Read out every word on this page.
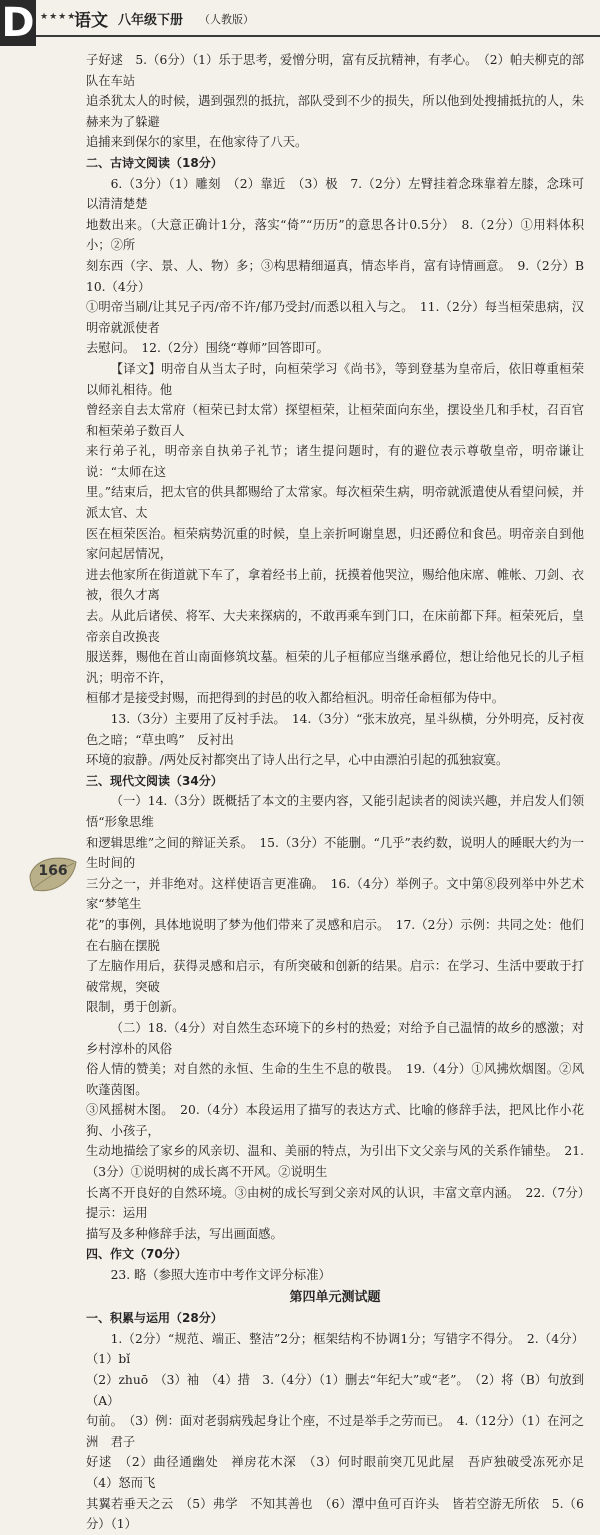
D ★★★★
语文 八年级下册 （人教版）

子好逑　5.（6分）（1）乐于思考，爱憎分明，富有反抗精神，有孝心。　（2）帕夫柳克的部队在车站

追杀犹太人的时候，遇到强烈的抵抗，部队受到不少的损失，所以他到处搜捕抵抗的人，朱赫来为了躲避

追捕来到保尔的家里，在他家待了八天。

二、古诗文阅读（18分）

6.（3分）（1）雕刻　（2）靠近　（3）极　7.（2分）左臂挂着念珠靠着左膝，念珠可以清清楚楚

地数出来。（大意正确计1分，落实“倚”“历历”的意思各计0.5分）　8.（2分）①用料体积小；②所

刻东西（字、景、人、物）多；③构思精细逼真，情态毕肖，富有诗情画意。　9.（2分）B　10.（4分）

①明帝当刷/让其兄子丙/帝不许/郁乃受封/而悉以租入与之。　11.（2分）每当桓荣患病，汉明帝就派使者

去慰问。　12.（2分）围绕“尊师”回答即可。

【译文】明帝自从当太子时，向桓荣学习《尚书》，等到登基为皇帝后，依旧尊重桓荣以师礼相待。他

曾经亲自去太常府（桓荣已封太常）探望桓荣，让桓荣面向东坐，摆设坐几和手杖，召百官和桓荣弟子数百人

来行弟子礼，明帝亲自执弟子礼节；诸生提问题时，有的避位表示尊敬皇帝，明帝谦让说：“太师在这

里。”结束后，把太官的供具都赐给了太常家。每次桓荣生病，明帝就派遣使从看望问候，并派太官、太

医在桓荣医治。桓荣病势沉重的时候，皇上亲折呵谢皇恩，归还爵位和食邑。明帝亲自到他家问起居情况，

进去他家所在街道就下车了，拿着经书上前，抚摸着他哭泣，赐给他床席、帷帐、刀剑、衣被，很久才离

去。从此后诸侯、将军、大夫来探病的，不敢再乘车到门口，在床前都下拜。桓荣死后，皇帝亲自改换丧

服送葬，赐他在首山南面修筑坟墓。桓荣的儿子桓郁应当继承爵位，想让给他兄长的儿子桓汎；明帝不许，

桓郁才是接受封赐，而把得到的封邑的收入都给桓汎。明帝任命桓郁为侍中。

13.（3分）主要用了反衬手法。　14.（3分）“张末放亮，星斗纵横，分外明亮，反衬夜色之暗；“草虫鸣”　反衬出

环境的寂静。/两处反衬都突出了诗人出行之早，心中由漂泊引起的孤独寂寞。

三、现代文阅读（34分）

（一）14.（3分）既概括了本文的主要内容，又能引起读者的阅读兴趣，并启发人们领悟“形象思维

和逻辑思维”之间的辩证关系。　15.（3分）不能删。“几乎”表约数，说明人的睡眠大约为一生时间的

三分之一，并非绝对。这样使语言更准确。　16.（4分）举例子。文中第⑧段列举中外艺术家“梦笔生

花”的事例，具体地说明了梦为他们带来了灵感和启示。　17.（2分）示例：共同之处：他们在右脑在摆脱

了左脑作用后，获得灵感和启示，有所突破和创新的结果。启示：在学习、生活中要敢于打破常规，突破

限制，勇于创新。

（二）18.（4分）对自然生态环境下的乡村的热爱；对给予自己温情的故乡的感激；对乡村淳朴的风俗

俗人情的赞美；对自然的永恒、生命的生生不息的敬畏。　19.（4分）①风拂炊烟图。②风吹蓬茵图。

③风摇树木图。　20.（4分）本段运用了描写的表达方式、比喻的修辞手法，把风比作小花狗、小孩子，

生动地描绘了家乡的风亲切、温和、美丽的特点，为引出下文父亲与风的关系作铺垫。　21.（3分）①说明树的成长离不开风。②说明生

长离不开良好的自然环境。③由树的成长写到父亲对风的认识，丰富文章内涵。　22.（7分）提示：运用

描写及多种修辞手法，写出画面感。

四、作文（70分）

23. 略（参照大连市中考作文评分标准）

第四单元测试题

一、积累与运用（28分）

1.（2分）“规范、端正、整洁”2分；框架结构不协调1分；写错字不得分。　2.（4分）（1）bǐ

（2）zhuō　（3）袖　（4）措　3.（4分）（1）删去“年纪大”或“老”。　（2）将（B）句放到（A）

句前。　（3）例：面对老弱病残起身让个座，不过是举手之劳而已。　4.（12分）（1）在河之洲　君子

好逑　（2）曲径通幽处　禅房花木深　（3）何时眼前突兀见此屋　吾庐独破受冻死亦足　（4）怒而飞

其翼若垂天之云　（5）弗学　不知其善也　（6）潭中鱼可百许头　皆若空游无所依　5.（6分）（1）

166
